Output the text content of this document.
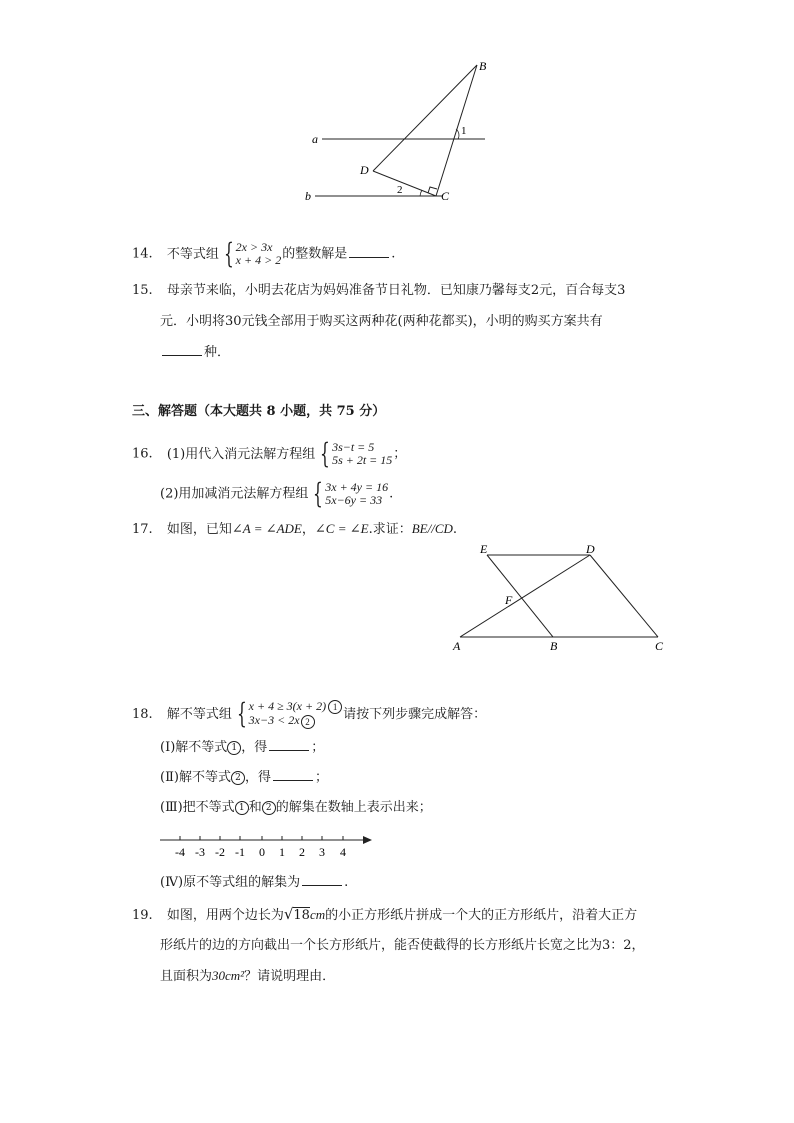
a
b
B
C
D
1
2
14. 不等式组 { 2x > 3x
x + 4 > 2 的整数解是	.
15. 母亲节来临，小明去花店为妈妈准备节日礼物．已知康乃馨每支2元，百合每支3
元．小明将30元钱全部用于购买这两种花(两种花都买)，小明的购买方案共有
种．
三、解答题（本大题共 8 小题，共 75 分）
16. (1)用代入消元法解方程组 { 3s−t = 5
5s + 2t = 15 ；
(2)用加减消元法解方程组 { 3x + 4y = 16
5x−6y = 33 .
17. 如图，已知∠A = ∠ADE，∠C = ∠E.求证：BE//CD.
E	D
F
A	B	C
18. 解不等式组 { x + 4 ≥ 3(x + 2) 1
3x−3 < 2x 2	请按下列步骤完成解答：
(Ⅰ)解不等式 1 ，得	；
(Ⅱ)解不等式 2 ，得	；
(Ⅲ)把不等式 1 和 2 的解集在数轴上表示出来；
-4 -3 -2 -1 0 1 2 3 4
(Ⅳ)原不等式组的解集为	.
19. 如图，用两个边长为√18cm的小正方形纸片拼成一个大的正方形纸片，沿着大正方
形纸片的边的方向截出一个长方形纸片，能否使截得的长方形纸片长宽之比为3：2，
且面积为30cm²？请说明理由．
